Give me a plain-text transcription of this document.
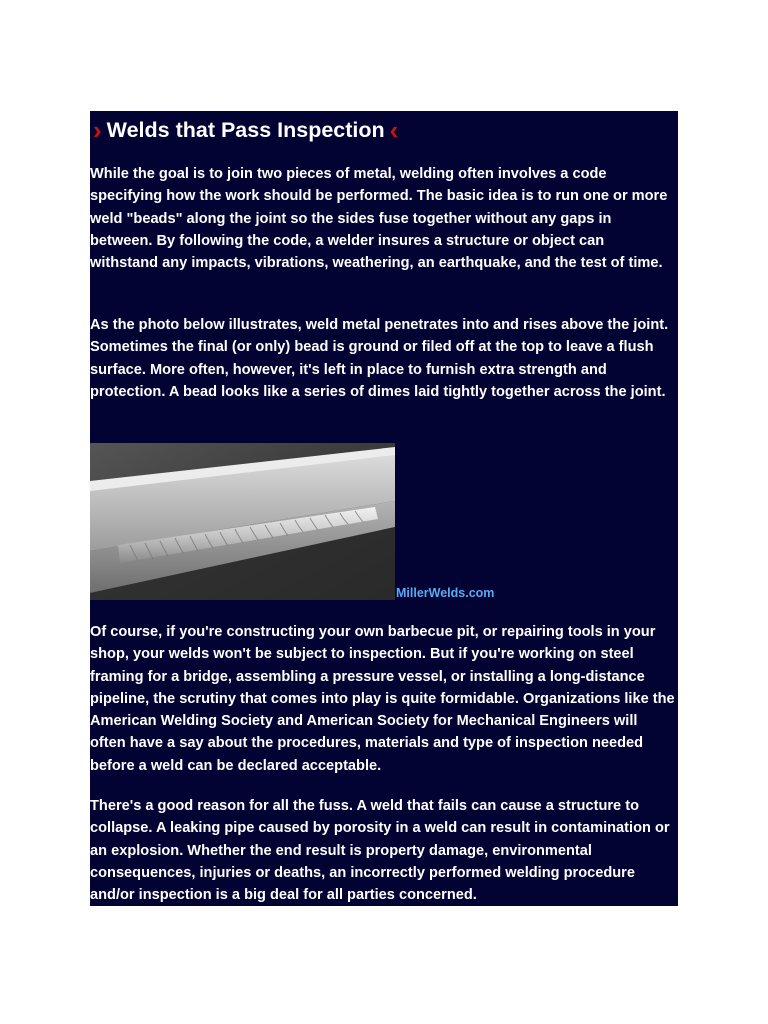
› Welds that Pass Inspection ‹

While the goal is to join two pieces of metal, welding often involves a code specifying how the work should be performed. The basic idea is to run one or more weld "beads" along the joint so the sides fuse together without any gaps in between. By following the code, a welder insures a structure or object can withstand any impacts, vibrations, weathering, an earthquake, and the test of time.

As the photo below illustrates, weld metal penetrates into and rises above the joint. Sometimes the final (or only) bead is ground or filed off at the top to leave a flush surface. More often, however, it's left in place to furnish extra strength and protection. A bead looks like a series of dimes laid tightly together across the joint.

MillerWelds.com

Of course, if you're constructing your own barbecue pit, or repairing tools in your shop, your welds won't be subject to inspection. But if you're working on steel framing for a bridge, assembling a pressure vessel, or installing a long-distance pipeline, the scrutiny that comes into play is quite formidable. Organizations like the American Welding Society and American Society for Mechanical Engineers will often have a say about the procedures, materials and type of inspection needed before a weld can be declared acceptable.

There's a good reason for all the fuss. A weld that fails can cause a structure to collapse. A leaking pipe caused by porosity in a weld can result in contamination or an explosion. Whether the end result is property damage, environmental consequences, injuries or deaths, an incorrectly performed welding procedure and/or inspection is a big deal for all parties concerned.
